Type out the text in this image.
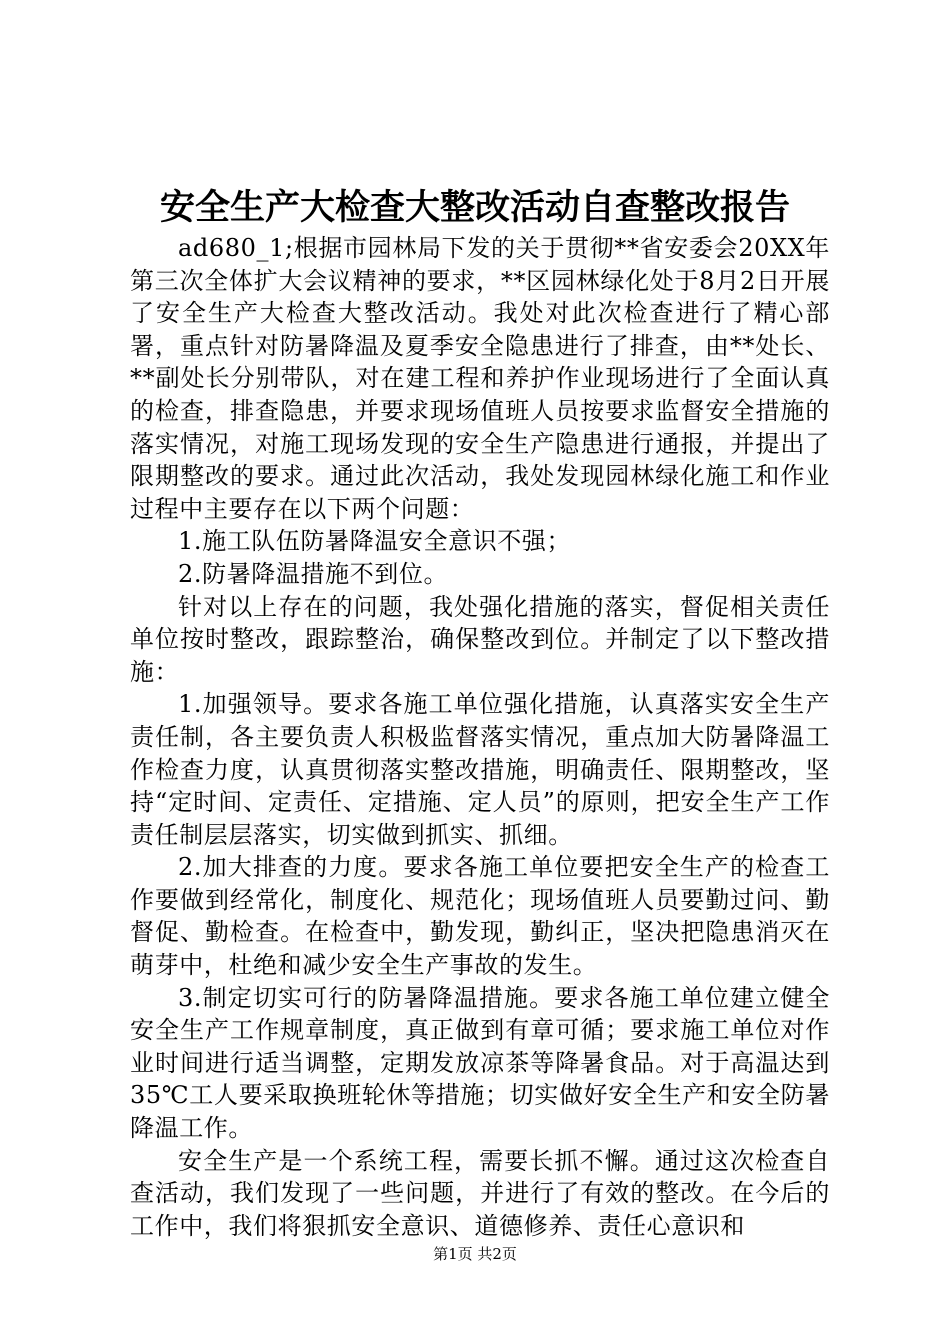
安全生产大检查大整改活动自查整改报告

ad680_1;根据市园林局下发的关于贯彻**省安委会20XX年第三次全体扩大会议精神的要求，**区园林绿化处于8月2日开展了安全生产大检查大整改活动。我处对此次检查进行了精心部署，重点针对防暑降温及夏季安全隐患进行了排查，由**处长、**副处长分别带队，对在建工程和养护作业现场进行了全面认真的检查，排查隐患，并要求现场值班人员按要求监督安全措施的落实情况，对施工现场发现的安全生产隐患进行通报，并提出了限期整改的要求。通过此次活动，我处发现园林绿化施工和作业过程中主要存在以下两个问题：

1.施工队伍防暑降温安全意识不强；

2.防暑降温措施不到位。

针对以上存在的问题，我处强化措施的落实，督促相关责任单位按时整改，跟踪整治，确保整改到位。并制定了以下整改措施：

1.加强领导。要求各施工单位强化措施，认真落实安全生产责任制，各主要负责人积极监督落实情况，重点加大防暑降温工作检查力度，认真贯彻落实整改措施，明确责任、限期整改，坚持“定时间、定责任、定措施、定人员”的原则，把安全生产工作责任制层层落实，切实做到抓实、抓细。

2.加大排查的力度。要求各施工单位要把安全生产的检查工作要做到经常化，制度化、规范化；现场值班人员要勤过问、勤督促、勤检查。在检查中，勤发现，勤纠正，坚决把隐患消灭在萌芽中，杜绝和减少安全生产事故的发生。

3.制定切实可行的防暑降温措施。要求各施工单位建立健全安全生产工作规章制度，真正做到有章可循；要求施工单位对作业时间进行适当调整，定期发放凉茶等降暑食品。对于高温达到35℃工人要采取换班轮休等措施；切实做好安全生产和安全防暑降温工作。

安全生产是一个系统工程，需要长抓不懈。通过这次检查自查活动，我们发现了一些问题，并进行了有效的整改。在今后的工作中，我们将狠抓安全意识、道德修养、责任心意识和

第1页 共2页
